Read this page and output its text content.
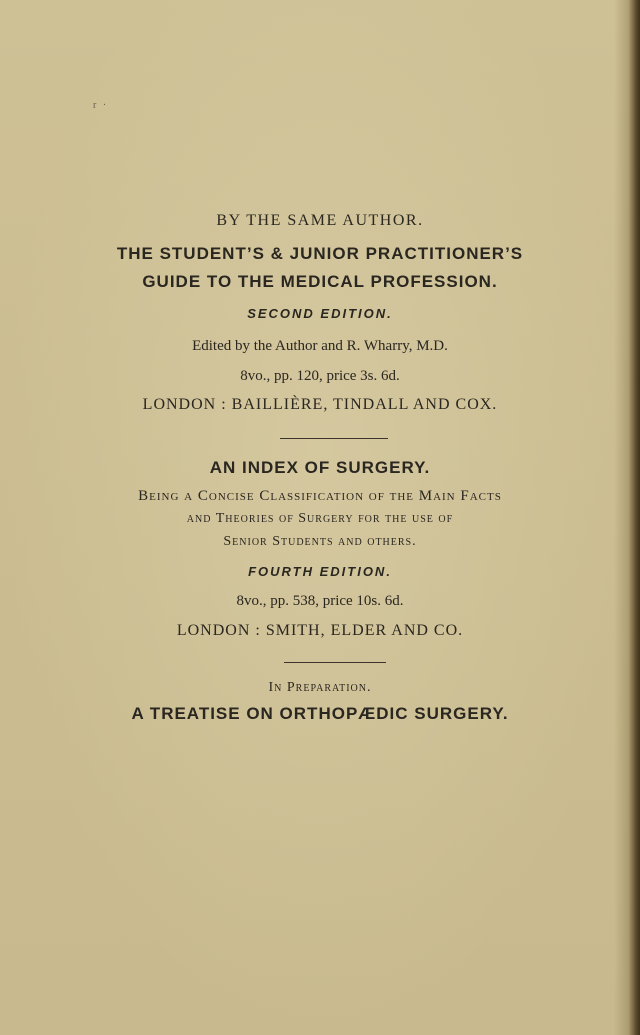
r ·
BY THE SAME AUTHOR.
THE STUDENT’S & JUNIOR PRACTITIONER’S
GUIDE TO THE MEDICAL PROFESSION.
SECOND EDITION.
Edited by the Author and R. Wharry, M.D.
8vo., pp. 120, price 3s. 6d.
LONDON : BAILLIÈRE, TINDALL AND COX.
AN INDEX OF SURGERY.
Being a Concise Classification of the Main Facts
and Theories of Surgery for the use of
Senior Students and others.
FOURTH EDITION.
8vo., pp. 538, price 10s. 6d.
LONDON : SMITH, ELDER AND CO.
In Preparation.
A TREATISE ON ORTHOPÆDIC SURGERY.
